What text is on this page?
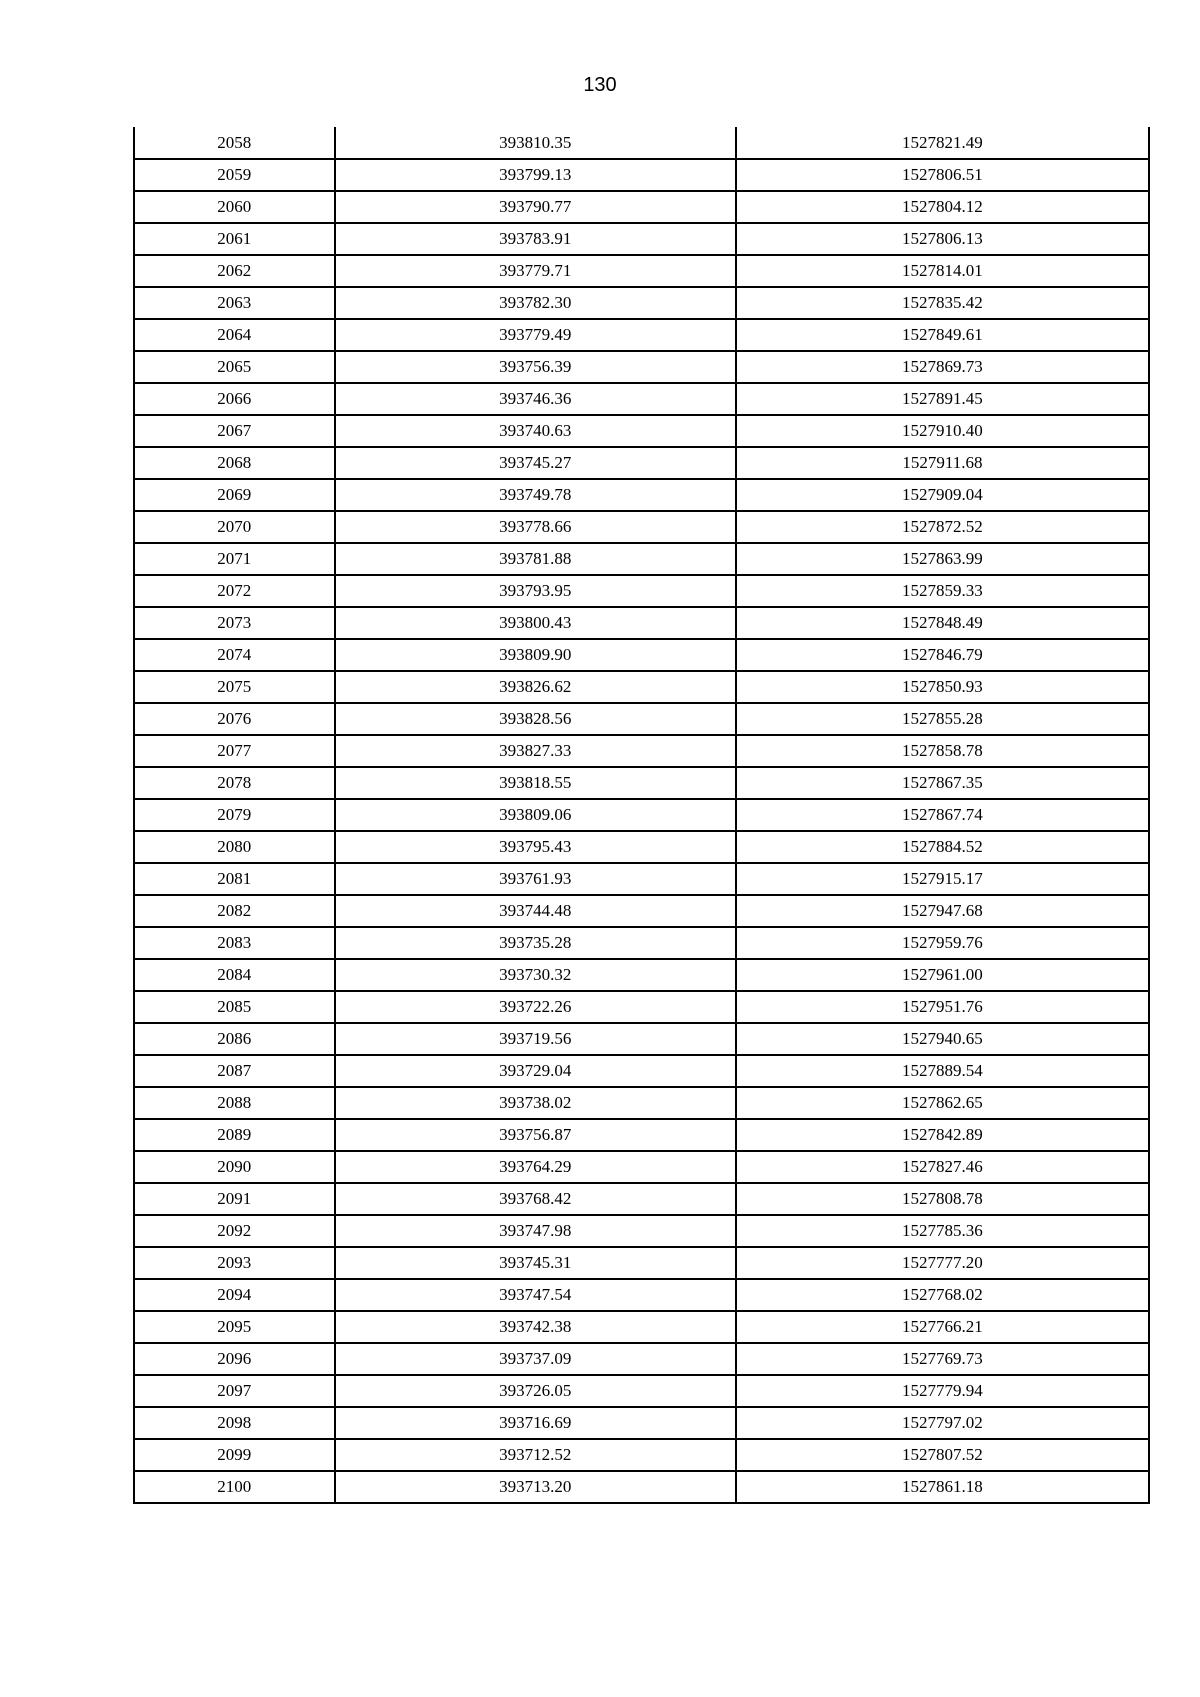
130
2058	393810.35	1527821.49
2059	393799.13	1527806.51
2060	393790.77	1527804.12
2061	393783.91	1527806.13
2062	393779.71	1527814.01
2063	393782.30	1527835.42
2064	393779.49	1527849.61
2065	393756.39	1527869.73
2066	393746.36	1527891.45
2067	393740.63	1527910.40
2068	393745.27	1527911.68
2069	393749.78	1527909.04
2070	393778.66	1527872.52
2071	393781.88	1527863.99
2072	393793.95	1527859.33
2073	393800.43	1527848.49
2074	393809.90	1527846.79
2075	393826.62	1527850.93
2076	393828.56	1527855.28
2077	393827.33	1527858.78
2078	393818.55	1527867.35
2079	393809.06	1527867.74
2080	393795.43	1527884.52
2081	393761.93	1527915.17
2082	393744.48	1527947.68
2083	393735.28	1527959.76
2084	393730.32	1527961.00
2085	393722.26	1527951.76
2086	393719.56	1527940.65
2087	393729.04	1527889.54
2088	393738.02	1527862.65
2089	393756.87	1527842.89
2090	393764.29	1527827.46
2091	393768.42	1527808.78
2092	393747.98	1527785.36
2093	393745.31	1527777.20
2094	393747.54	1527768.02
2095	393742.38	1527766.21
2096	393737.09	1527769.73
2097	393726.05	1527779.94
2098	393716.69	1527797.02
2099	393712.52	1527807.52
2100	393713.20	1527861.18
